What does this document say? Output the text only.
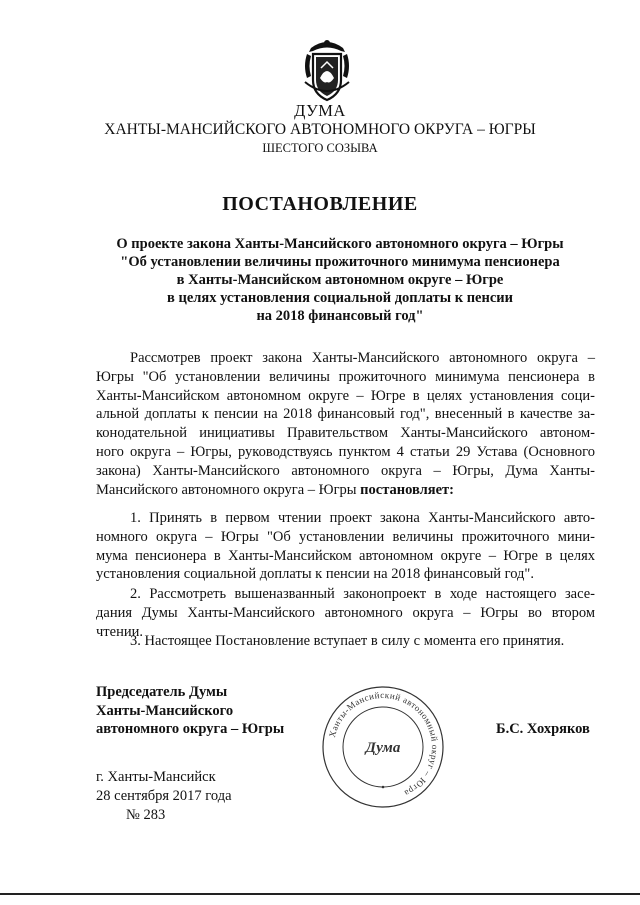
ДУМА
ХАНТЫ-МАНСИЙСКОГО АВТОНОМНОГО ОКРУГА – ЮГРЫ
ШЕСТОГО СОЗЫВА
ПОСТАНОВЛЕНИЕ
О проекте закона Ханты-Мансийского автономного округа – Югры
"Об установлении величины прожиточного минимума пенсионера
в Ханты-Мансийском автономном округе – Югре
в целях установления социальной доплаты к пенсии
на 2018 финансовый год"
Рассмотрев проект закона Ханты-Мансийского автономного округа –
Югры "Об установлении величины прожиточного минимума пенсионера в
Ханты-Мансийском автономном округе – Югре в целях установления соци-
альной доплаты к пенсии на 2018 финансовый год", внесенный в качестве за-
конодательной инициативы Правительством Ханты-Мансийского автоном-
ного округа – Югры, руководствуясь пунктом 4 статьи 29 Устава (Основного
закона) Ханты-Мансийского автономного округа – Югры, Дума Ханты-
Мансийского автономного округа – Югры постановляет:
1. Принять в первом чтении проект закона Ханты-Мансийского авто-
номного округа – Югры "Об установлении величины прожиточного мини-
мума пенсионера в Ханты-Мансийском автономном округе – Югре в целях
установления социальной доплаты к пенсии на 2018 финансовый год".
2. Рассмотреть вышеназванный законопроект в ходе настоящего засе-
дания Думы Ханты-Мансийского автономного округа – Югры во втором
чтении.
3. Настоящее Постановление вступает в силу с момента его принятия.
Председатель Думы
Ханты-Мансийского
автономного округа – Югры	Ханты-Мансийский автономный округ – Югра
Дума
Б.С. Хохряков
г. Ханты-Мансийск
28 сентября 2017 года
№ 283
